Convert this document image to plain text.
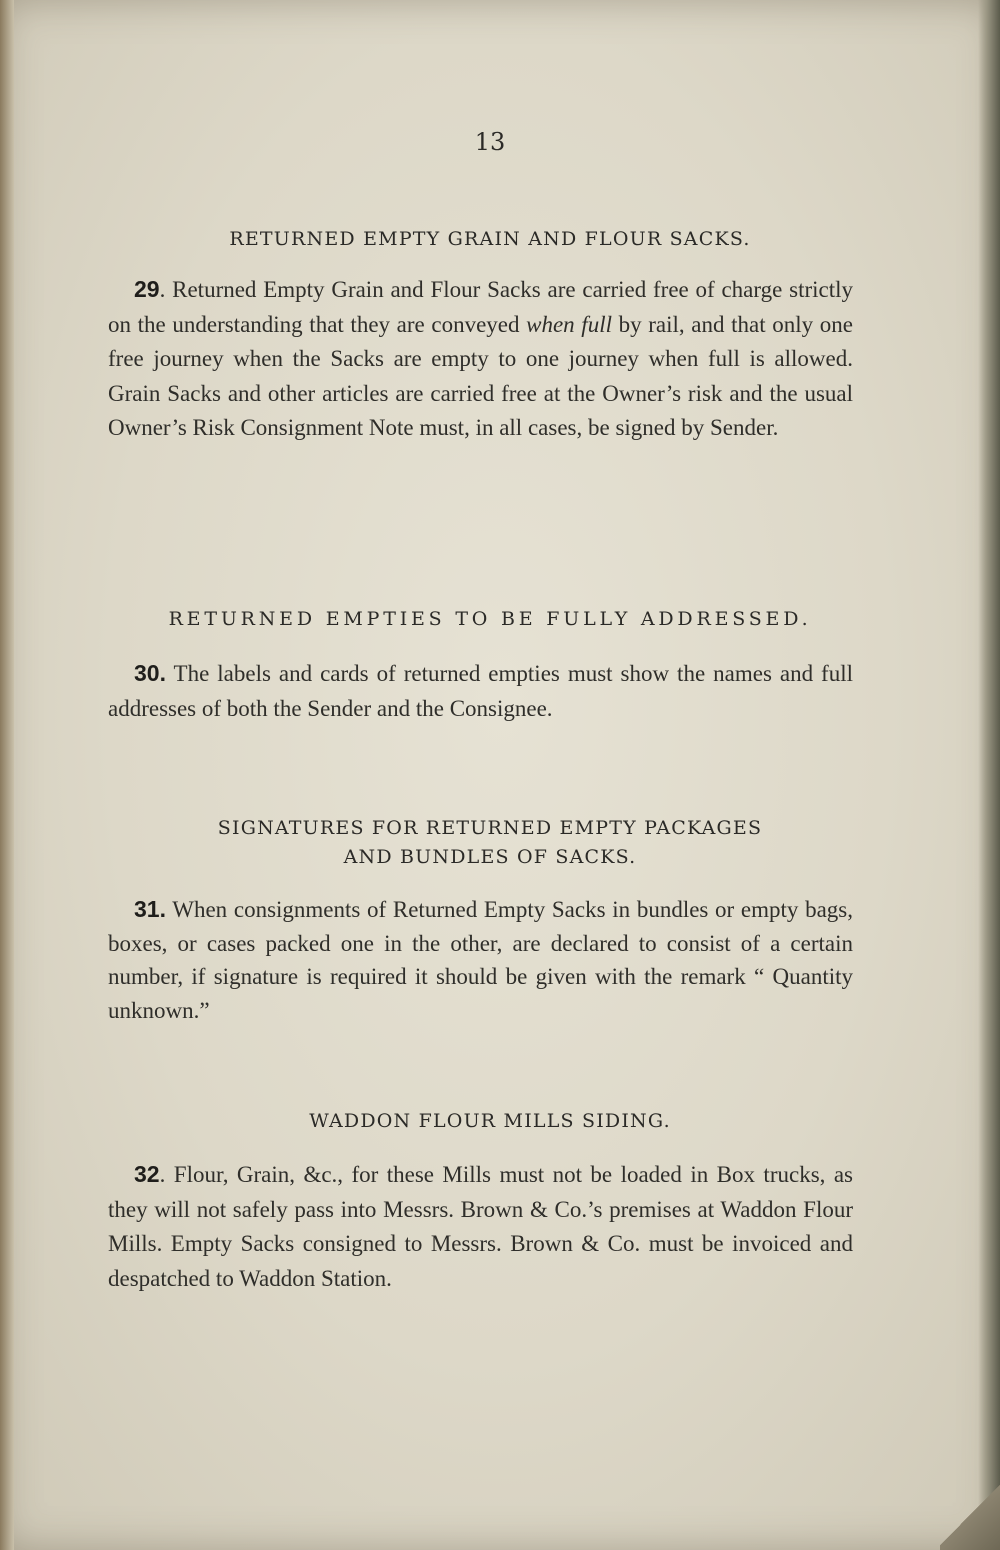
13
RETURNED EMPTY GRAIN AND FLOUR SACKS.
29. Returned Empty Grain and Flour Sacks are carried free of charge strictly on the understanding that they are conveyed when full by rail, and that only one free journey when the Sacks are empty to one journey when full is allowed. Grain Sacks and other articles are carried free at the Owner’s risk and the usual Owner’s Risk Consignment Note must, in all cases, be signed by Sender.
RETURNED EMPTIES TO BE FULLY ADDRESSED.
30. The labels and cards of returned empties must show the names and full addresses of both the Sender and the Consignee.
SIGNATURES FOR RETURNED EMPTY PACKAGES
AND BUNDLES OF SACKS.
31. When consignments of Returned Empty Sacks in bundles or empty bags, boxes, or cases packed one in the other, are declared to consist of a certain number, if signature is required it should be given with the remark “ Quantity unknown.”
WADDON FLOUR MILLS SIDING.
32. Flour, Grain, &c., for these Mills must not be loaded in Box trucks, as they will not safely pass into Messrs. Brown & Co.’s premises at Waddon Flour Mills. Empty Sacks consigned to Messrs. Brown & Co. must be invoiced and despatched to Waddon Station.
